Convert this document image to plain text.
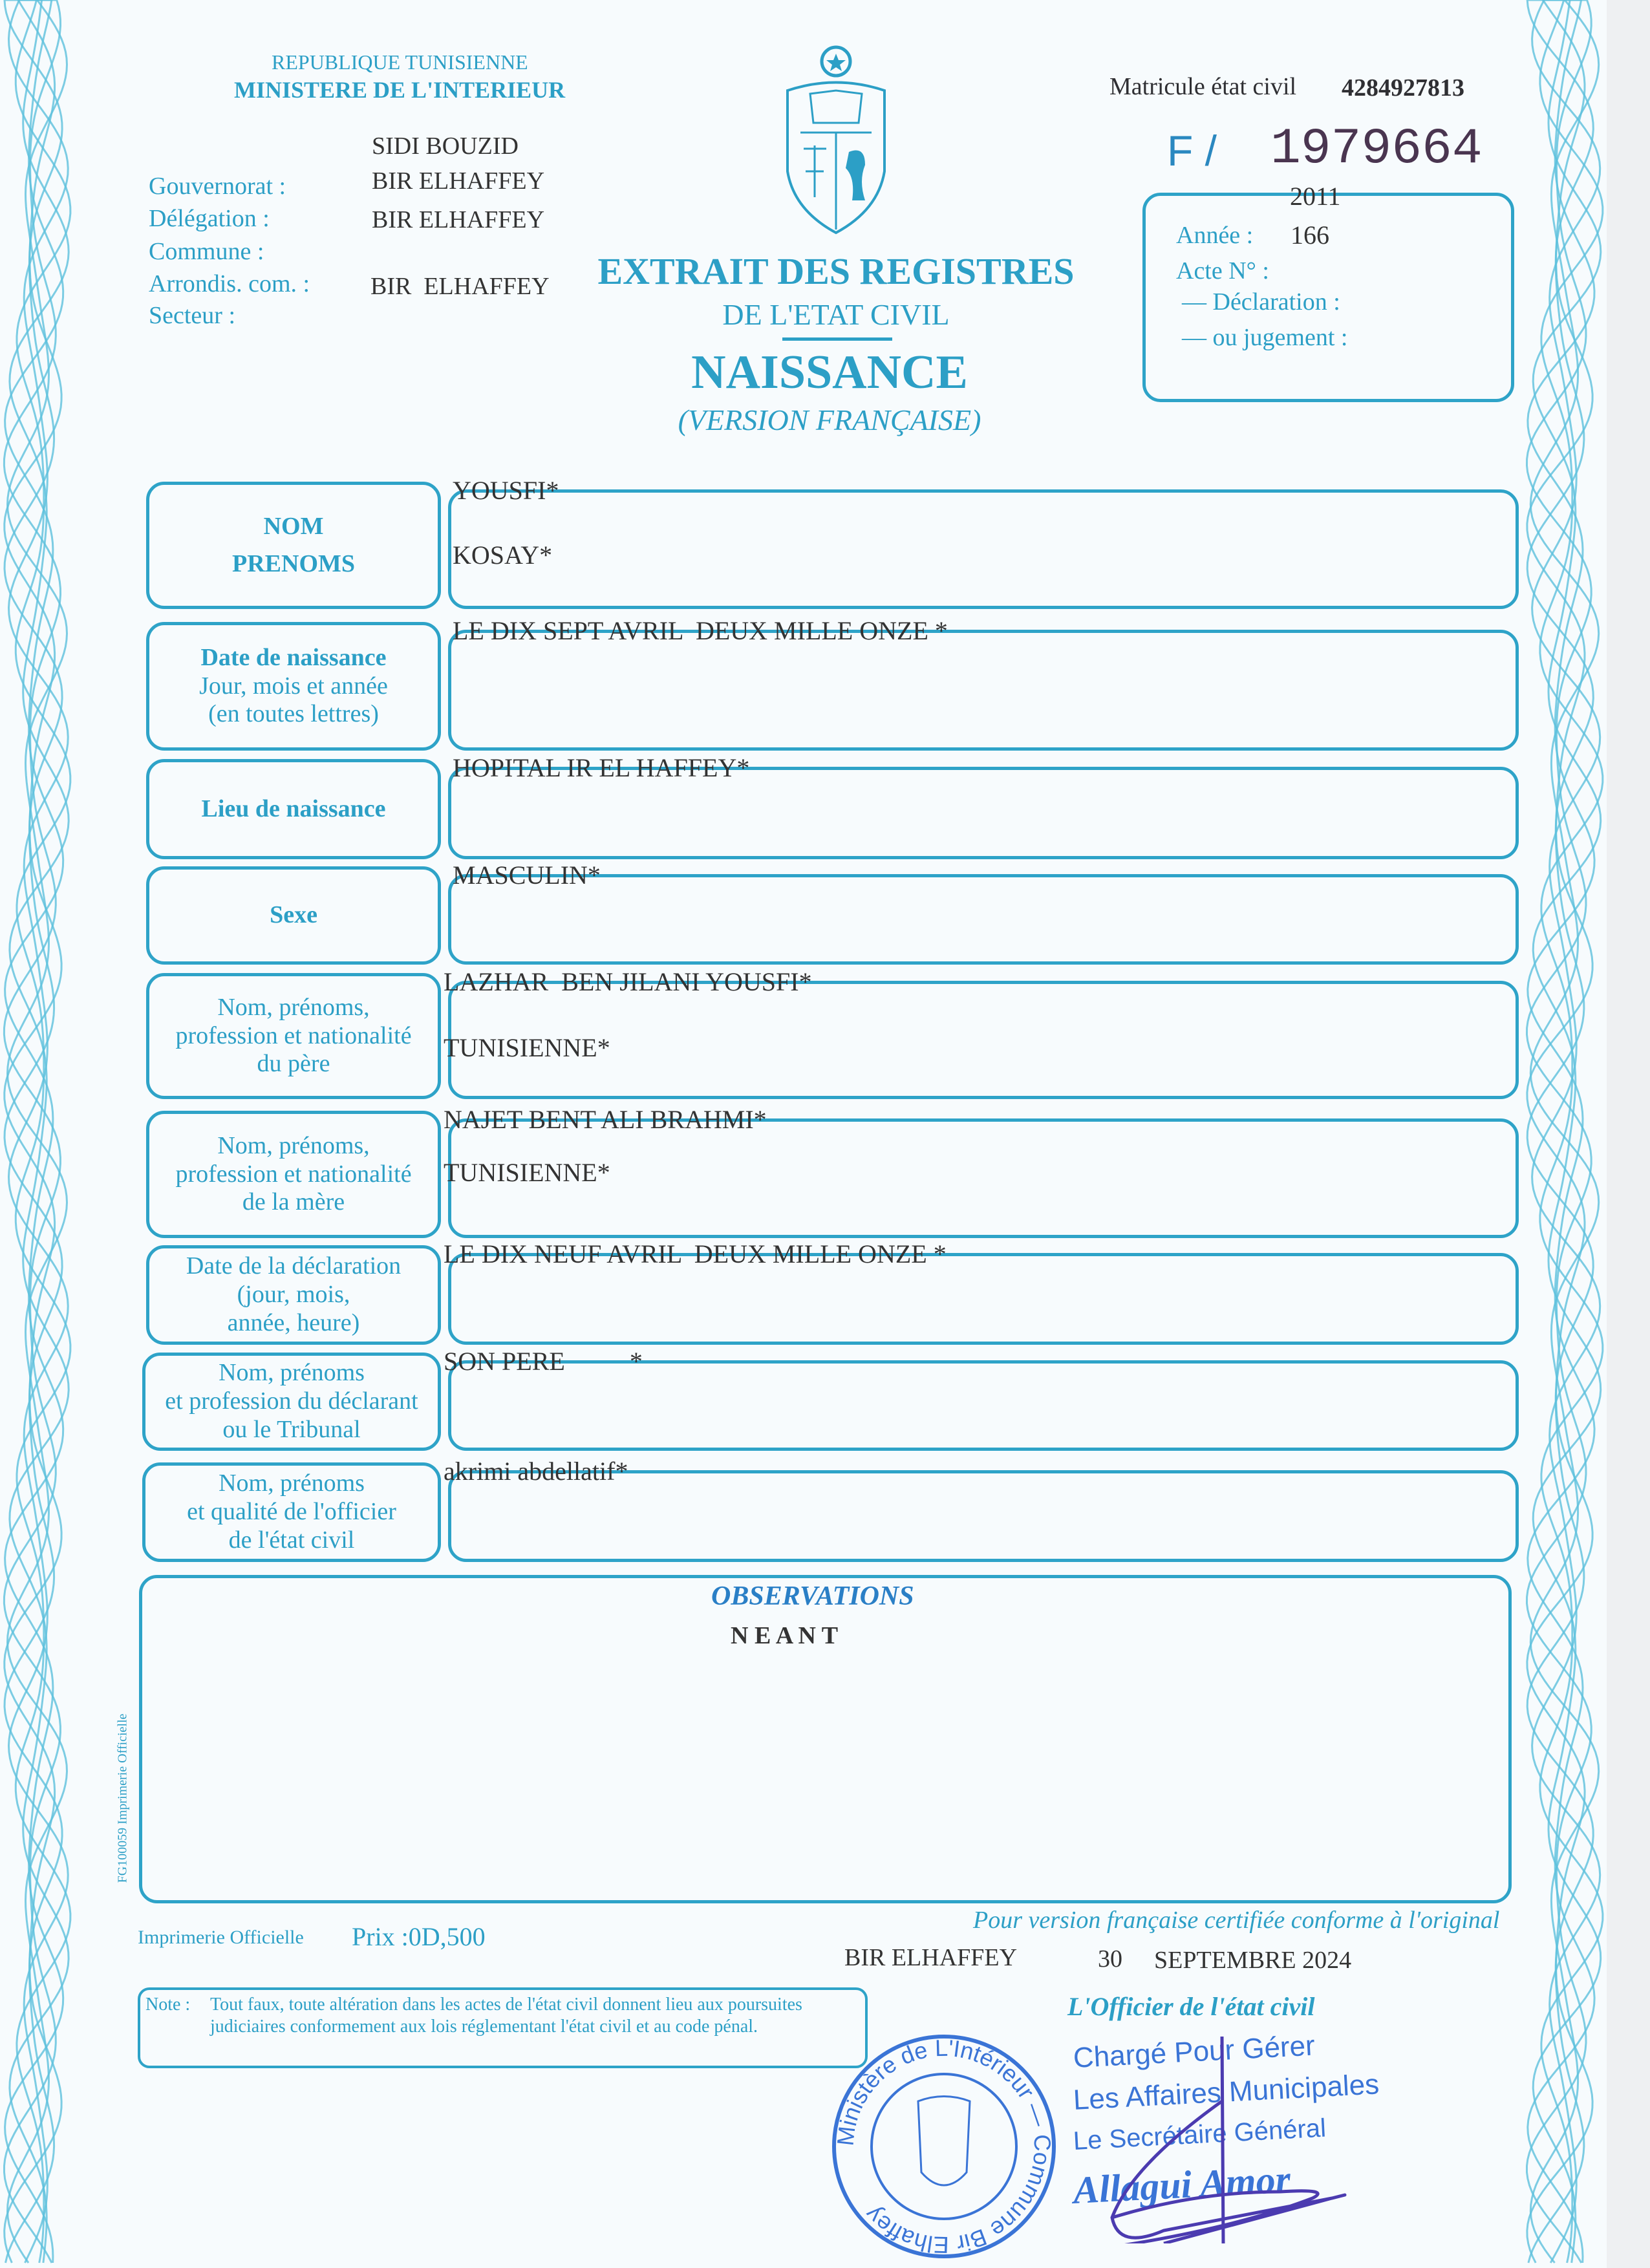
REPUBLIQUE TUNISIENNE
MINISTERE DE L'INTERIEUR
Gouvernorat :
Délégation :
Commune :
Arrondis. com. :
Secteur :
SIDI BOUZID
BIR ELHAFFEY
BIR ELHAFFEY
BIR  ELHAFFEY	EXTRAIT DES REGISTRES
DE L'ETAT CIVIL
NAISSANCE
(VERSION FRANÇAISE)
Matricule état civil 4284927813
F / 1979664
2011
Année : 166
Acte N° :
— Déclaration :
— ou jugement :
NOM
PRENOMS
YOUSFI*
KOSAY*
Date de naissance
Jour, mois et année
(en toutes lettres)
LE DIX SEPT AVRIL  DEUX MILLE ONZE *
Lieu de naissance
HOPITAL IR EL HAFFEY*
Sexe
MASCULIN*
Nom, prénoms,
profession et nationalité
du père
LAZHAR  BEN JILANI YOUSFI*
TUNISIENNE*
Nom, prénoms,
profession et nationalité
de la mère
NAJET BENT ALI BRAHMI*
TUNISIENNE*
Date de la déclaration
(jour, mois,
année, heure)
LE DIX NEUF AVRIL  DEUX MILLE ONZE *
Nom, prénoms
et profession du déclarant
ou le Tribunal
SON PERE          *
Nom, prénoms
et qualité de l'officier
de l'état civil
akrimi abdellatif*
OBSERVATIONS
N E A N T
FG100059 Imprimerie Officielle
Imprimerie Officielle Prix :0D,500
Pour version française certifiée conforme à l'original
BIR ELHAFFEY	30 SEPTEMBRE 2024
L'Officier de l'état civil
Note : Tout faux, toute altération dans les actes de l'état civil donnent lieu aux poursuites judiciaires conformement aux lois réglementant l'état civil et au code pénal.
Ministère de L'Intérieur — Commune Bir Elhaffey
Chargé Pour Gérer
Les Affaires Municipales
Le Secrétaire Général
Allagui Amor
